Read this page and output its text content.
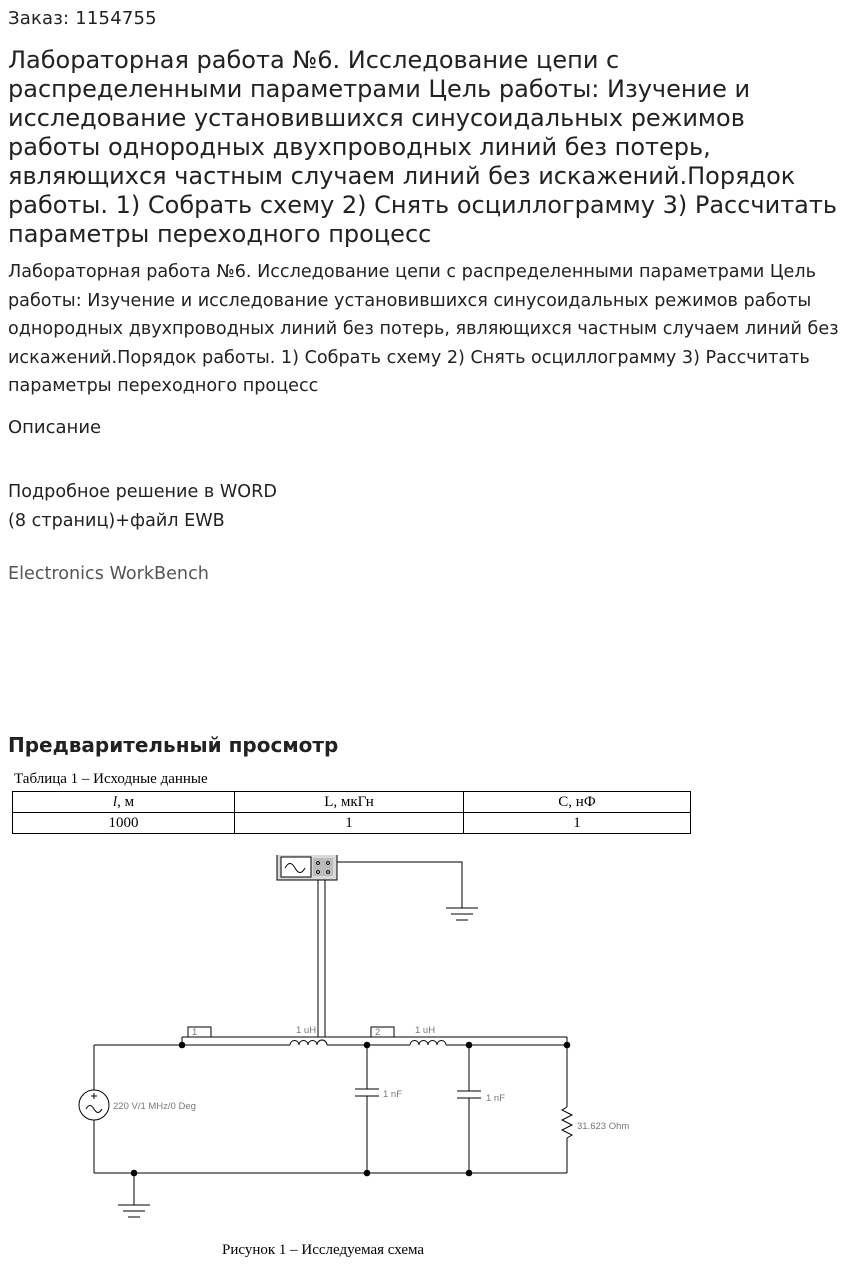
Заказ: 1154755
Лабораторная работа №6. Исследование цепи с распределенными параметрами Цель работы: Изучение и исследование установившихся синусоидальных режимов работы однородных двухпроводных линий без потерь, являющихся частным случаем линий без искажений.Порядок работы. 1) Собрать схему 2) Снять осциллограмму 3) Рассчитать параметры переходного процесс

Лабораторная работа №6. Исследование цепи с распределенными параметрами Цель работы: Изучение и исследование установившихся синусоидальных режимов работы однородных двухпроводных линий без потерь, являющихся частным случаем линий без искажений.Порядок работы. 1) Собрать схему 2) Снять осциллограмму 3) Рассчитать параметры переходного процесс

Описание
Подробное решение в WORD
(8 страниц)+файл EWB
Electronics WorkBench
Предварительный просмотр
Таблица 1 – Исходные данные
l, м	L, мкГн	С, нФ
1000	1	1
1	2
1 uH	1 uH
220 V/1 MHz/0 Deg
1 nF	1 nF
31.623 Ohm
Рисунок 1 – Исследуемая схема
